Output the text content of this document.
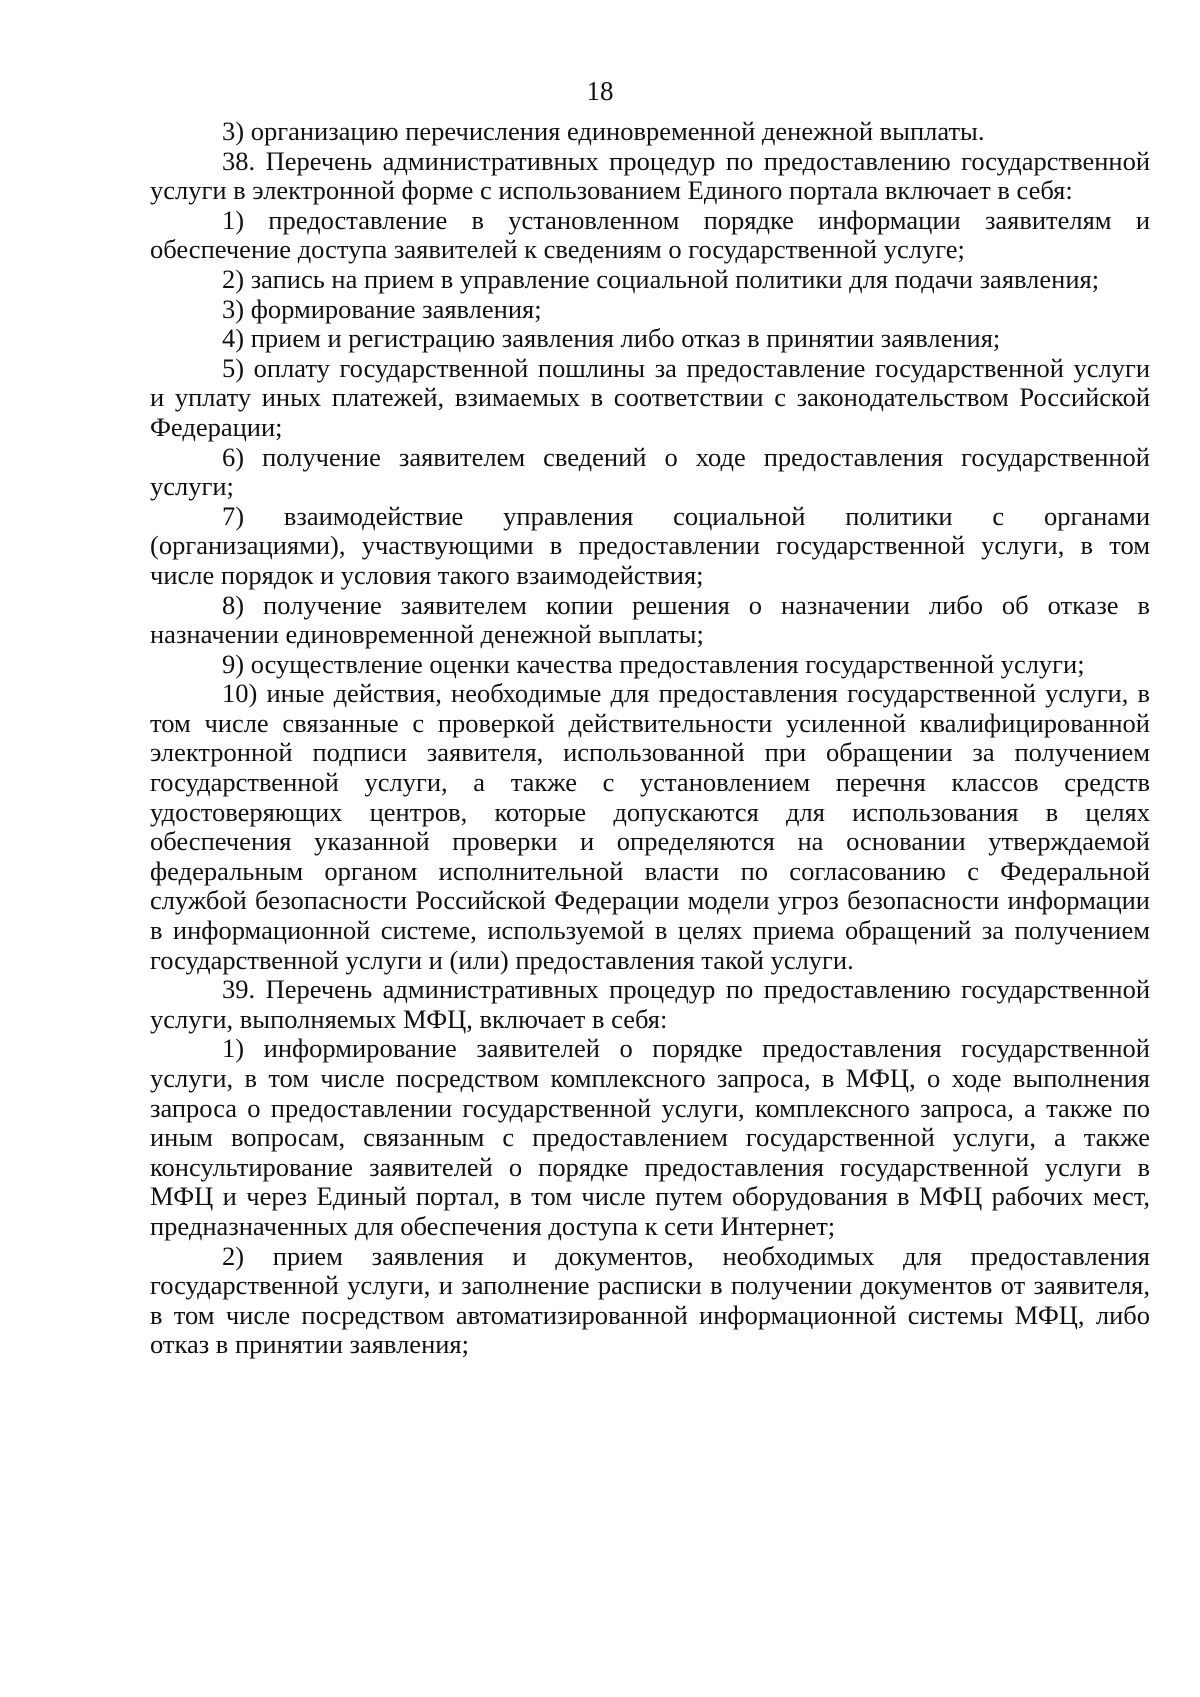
18

3) организацию перечисления единовременной денежной выплаты.

38. Перечень административных процедур по предоставлению государственной услуги в электронной форме с использованием Единого портала включает в себя:

1) предоставление в установленном порядке информации заявителям и обеспечение доступа заявителей к сведениям о государственной услуге;

2) запись на прием в управление социальной политики для подачи заявления;

3) формирование заявления;

4) прием и регистрацию заявления либо отказ в принятии заявления;

5) оплату государственной пошлины за предоставление государственной услуги и уплату иных платежей, взимаемых в соответствии с законодательством Российской Федерации;

6) получение заявителем сведений о ходе предоставления государственной услуги;

7) взаимодействие управления социальной политики с органами (организациями), участвующими в предоставлении государственной услуги, в том числе порядок и условия такого взаимодействия;

8) получение заявителем копии решения о назначении либо об отказе в назначении единовременной денежной выплаты;

9) осуществление оценки качества предоставления государственной услуги;

10) иные действия, необходимые для предоставления государственной услуги, в том числе связанные с проверкой действительности усиленной квалифицированной электронной подписи заявителя, использованной при обращении за получением государственной услуги, а также с установлением перечня классов средств удостоверяющих центров, которые допускаются для использования в целях обеспечения указанной проверки и определяются на основании утверждаемой федеральным органом исполнительной власти по согласованию с Федеральной службой безопасности Российской Федерации модели угроз безопасности информации в информационной системе, используемой в целях приема обращений за получением государственной услуги и (или) предоставления такой услуги.

39. Перечень административных процедур по предоставлению государственной услуги, выполняемых МФЦ, включает в себя:

1) информирование заявителей о порядке предоставления государственной услуги, в том числе посредством комплексного запроса, в МФЦ, о ходе выполнения запроса о предоставлении государственной услуги, комплексного запроса, а также по иным вопросам, связанным с предоставлением государственной услуги, а также консультирование заявителей о порядке предоставления государственной услуги в МФЦ и через Единый портал, в том числе путем оборудования в МФЦ рабочих мест, предназначенных для обеспечения доступа к сети Интернет;

2) прием заявления и документов, необходимых для предоставления государственной услуги, и заполнение расписки в получении документов от заявителя, в том числе посредством автоматизированной информационной системы МФЦ, либо отказ в принятии заявления;
